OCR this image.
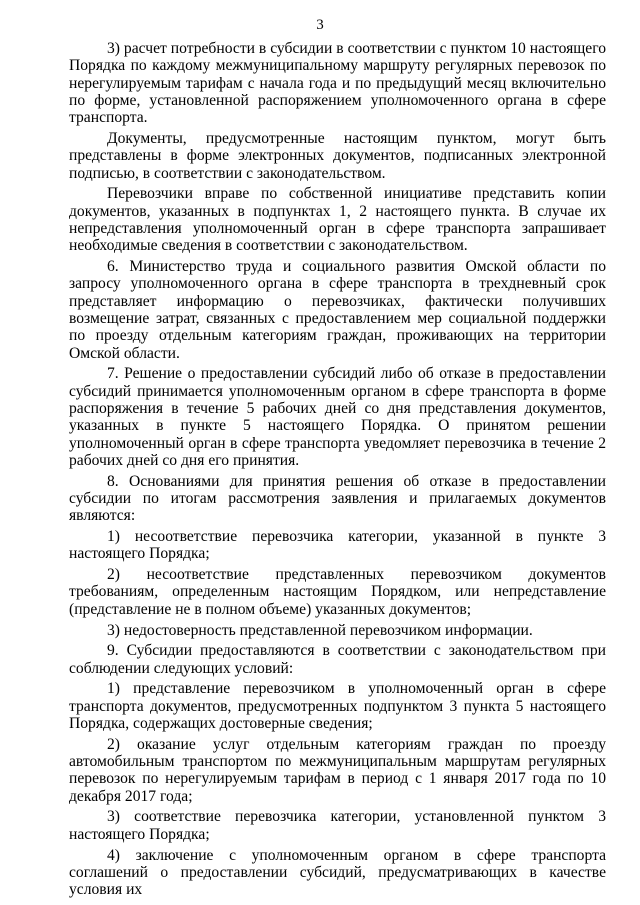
3

3) расчет потребности в субсидии в соответствии с пунктом 10 настоящего Порядка по каждому межмуниципальному маршруту регулярных перевозок по нерегулируемым тарифам с начала года и по предыдущий месяц включительно по форме, установленной распоряжением уполномоченного органа в сфере транспорта.

Документы, предусмотренные настоящим пунктом, могут быть представлены в форме электронных документов, подписанных электронной подписью, в соответствии с законодательством.

Перевозчики вправе по собственной инициативе представить копии документов, указанных в подпунктах 1, 2 настоящего пункта. В случае их непредставления уполномоченный орган в сфере транспорта запрашивает необходимые сведения в соответствии с законодательством.

6. Министерство труда и социального развития Омской области по запросу уполномоченного органа в сфере транспорта в трехдневный срок представляет информацию о перевозчиках, фактически получивших возмещение затрат, связанных с предоставлением мер социальной поддержки по проезду отдельным категориям граждан, проживающих на территории Омской области.

7. Решение о предоставлении субсидий либо об отказе в предоставлении субсидий принимается уполномоченным органом в сфере транспорта в форме распоряжения в течение 5 рабочих дней со дня представления документов, указанных в пункте 5 настоящего Порядка. О принятом решении уполномоченный орган в сфере транспорта уведомляет перевозчика в течение 2 рабочих дней со дня его принятия.

8. Основаниями для принятия решения об отказе в предоставлении субсидии по итогам рассмотрения заявления и прилагаемых документов являются:

1) несоответствие перевозчика категории, указанной в пункте 3 настоящего Порядка;

2) несоответствие представленных перевозчиком документов требованиям, определенным настоящим Порядком, или непредставление (представление не в полном объеме) указанных документов;

3) недостоверность представленной перевозчиком информации.

9. Субсидии предоставляются в соответствии с законодательством при соблюдении следующих условий:

1) представление перевозчиком в уполномоченный орган в сфере транспорта документов, предусмотренных подпунктом 3 пункта 5 настоящего Порядка, содержащих достоверные сведения;

2) оказание услуг отдельным категориям граждан по проезду автомобильным транспортом по межмуниципальным маршрутам регулярных перевозок по нерегулируемым тарифам в период с 1 января 2017 года по 10 декабря 2017 года;

3) соответствие перевозчика категории, установленной пунктом 3 настоящего Порядка;

4) заключение с уполномоченным органом в сфере транспорта соглашений о предоставлении субсидий, предусматривающих в качестве условия их
